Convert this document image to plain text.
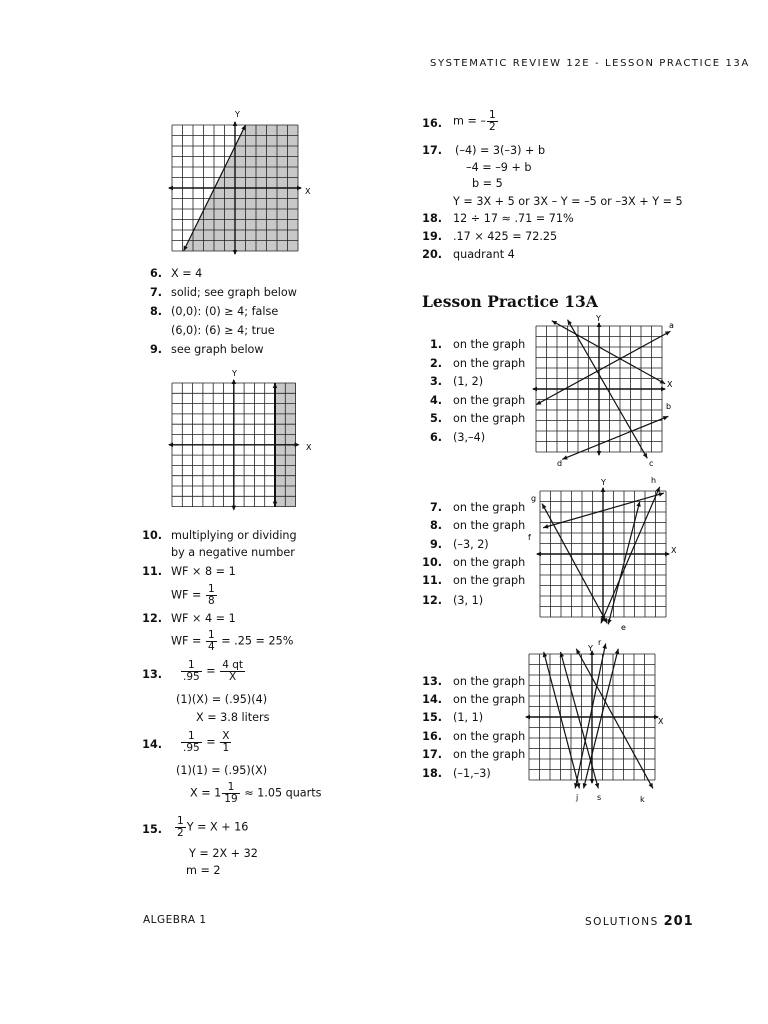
SYSTEMATIC REVIEW 12E - LESSON PRACTICE 13A
Y
X
6. X = 4
7. solid; see graph below
8. (0,0): (0) ≥ 4; false
(6,0): (6) ≥ 4; true
9. see graph below
Y
X
10. multiplying or dividing
by a negative number
11. WF × 8 = 1
WF = $\frac{1}{8}$
12. WF × 4 = 1
WF = $\frac{1}{4} = .25 = 25\%$
13. $\frac{1}{.95} = \frac{4 qt}{X}$
(1)(X) = (.95)(4)
X = 3.8 liters
14. $\frac{1}{.95} = \frac{X}{1}$
(1)(1) = (.95)(X)
$X = 1 \frac{1}{19} \approx 1.05$ quarts
15. $\frac{1}{2}$ Y = X + 16
Y = 2X + 32
m = 2
16. m = – $\frac{1}{2}$
17. (–4) = 3(–3) + b
–4 = –9 + b
b = 5
Y = 3X + 5 or 3X – Y = –5 or –3X + Y = 5
18. 12 ÷ 17 ≈ .71 = 71%
19. .17 × 425 = 72.25
20. quadrant 4
Lesson Practice 13A
1. on the graph
2. on the graph
3. (1, 2)
4. on the graph
5. on the graph
6. (3,–4)
Y
X
a
b
c
d
7. on the graph
8. on the graph
9. (–3, 2)
10. on the graph
11. on the graph
12. (3, 1)
Y
X
e
f
g
h
13. on the graph
14. on the graph
15. (1, 1)
16. on the graph
17. on the graph
18. (–1,–3)
Y
X
j	k
r
s
ALGEBRA 1	SOLUTIONS 201
